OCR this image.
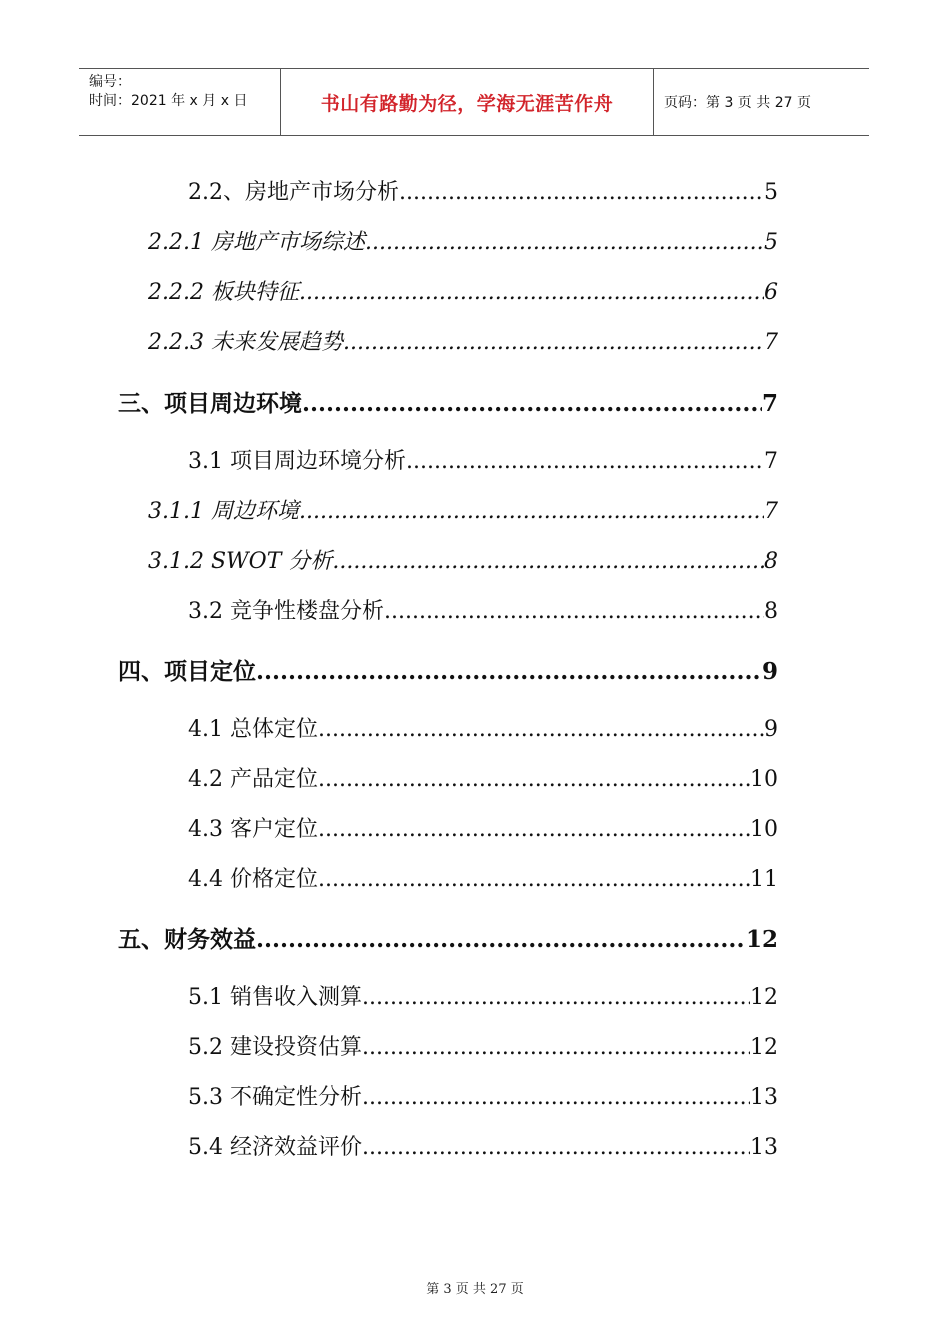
编号：
时间：2021 年 x 月 x 日	书山有路勤为径，学海无涯苦作舟	页码：第 3 页 共 27 页
2.2、房地产市场分析 .....	5
2.2.1 房地产市场综述 .....	5
2.2.2 板块特征 .....	6
2.2.3 未来发展趋势 .....	7
三、项目周边环境 .....	7
3.1 项目周边环境分析 .....	7
3.1.1 周边环境 .....	7
3.1.2 SWOT 分析 .....	8
3.2 竞争性楼盘分析 .....	8
四、项目定位 .....	9
4.1 总体定位 .....	9
4.2 产品定位 .....	10
4.3 客户定位 .....	10
4.4 价格定位 .....	11
五、财务效益 .....	12
5.1 销售收入测算 .....	12
5.2 建设投资估算 .....	12
5.3 不确定性分析 .....	13
5.4 经济效益评价 .....	13
第 3 页 共 27 页
